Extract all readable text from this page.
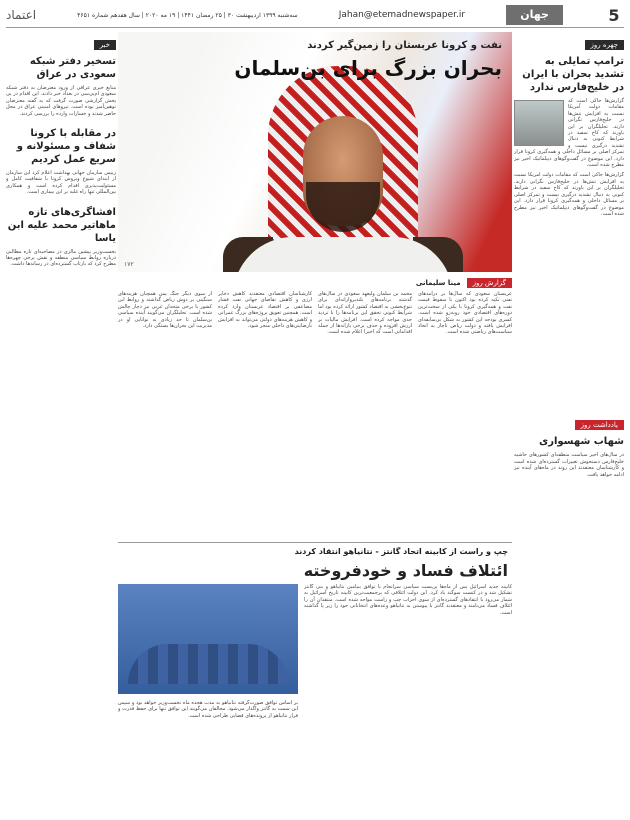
5
جهان
Jahan@etemadnewspaper.ir
سه‌شنبه ۱۳۹۹ اردیبهشت ۳۰ | ۲۵ رمضان ۱۴۴۱ | ۱۹ مه ۲۰۲۰ | سال هفدهم شماره ۴۶۵۱
اعتماد
چهره روز
ترامپ تمایلی به تشدید بحران با ایران در خلیج‌فارس ندارد
گزارش‌ها حاکی است که مقامات دولت آمریکا نسبت به افزایش تنش‌ها در خلیج‌فارس نگرانی دارند. تحلیلگران بر این باورند که کاخ سفید در شرایط کنونی به دنبال تشدید درگیری نیست و تمرکز اصلی بر مسائل داخلی و همه‌گیری کرونا قرار دارد. این موضوع در گفت‌وگوهای دیپلماتیک اخیر نیز مطرح شده است.
گزارش‌ها حاکی است که مقامات دولت آمریکا نسبت به افزایش تنش‌ها در خلیج‌فارس نگرانی دارند. تحلیلگران بر این باورند که کاخ سفید در شرایط کنونی به دنبال تشدید درگیری نیست و تمرکز اصلی بر مسائل داخلی و همه‌گیری کرونا قرار دارد. این موضوع در گفت‌وگوهای دیپلماتیک اخیر نیز مطرح شده است.
یادداشت روز
شهاب شهسواری
در سال‌های اخیر سیاست منطقه‌ای کشورهای حاشیه خلیج‌فارس دستخوش تغییرات گسترده‌ای شده است و کارشناسان معتقدند این روند در ماه‌های آینده نیز ادامه خواهد یافت.
خبر
تسخیر دفتر شبکه سعودی در عراق
منابع خبری عراقی از ورود معترضان به دفتر شبکه سعودی ام‌بی‌سی در بغداد خبر دادند. این اقدام در پی پخش گزارشی صورت گرفت که به گفته معترضان توهین‌آمیز بوده است. نیروهای امنیتی عراق در محل حاضر شدند و خسارات وارده را بررسی کردند.
در مقابله با کرونا شفاف و مسئولانه و سریع عمل کردیم
رییس سازمان جهانی بهداشت اعلام کرد این سازمان از ابتدای شیوع ویروس کرونا با شفافیت کامل و مسئولیت‌پذیری اقدام کرده است و همکاری بین‌المللی تنها راه غلبه بر این بیماری است.
افشاگری‌های تازه ماهاتیر محمد علیه ابن یاسا
نخست‌وزیر پیشین مالزی در مصاحبه‌ای تازه مطالبی درباره روابط سیاسی منطقه و نقش برخی چهره‌ها مطرح کرد که بازتاب گسترده‌ای در رسانه‌ها داشت.
نفت و کرونا عربستان را زمین‌گیر کردند
بحران بزرگ برای بن‌سلمان
۱۷۲
گزارش روز
مینا سلیمانی
عربستان سعودی که سال‌ها بر درآمدهای نفتی تکیه کرده بود اکنون با سقوط قیمت نفت و همه‌گیری کرونا با یکی از سخت‌ترین دوره‌های اقتصادی خود روبه‌رو شده است. کسری بودجه این کشور به شکل بی‌سابقه‌ای افزایش یافته و دولت ریاض ناچار به اتخاذ سیاست‌های ریاضتی شده است.
محمد بن سلمان ولیعهد سعودی در سال‌های گذشته برنامه‌های بلندپروازانه‌ای برای تنوع‌بخشی به اقتصاد کشور ارائه کرده بود اما شرایط کنونی تحقق این برنامه‌ها را با تردید جدی مواجه کرده است. افزایش مالیات بر ارزش افزوده و حذف برخی یارانه‌ها از جمله اقداماتی است که اخیرا اعلام شده است.
کارشناسان اقتصادی معتقدند کاهش ذخایر ارزی و کاهش تقاضای جهانی نفت فشار مضاعفی بر اقتصاد عربستان وارد کرده است. همچنین تعویق پروژه‌های بزرگ عمرانی و کاهش هزینه‌های دولتی می‌تواند به افزایش نارضایتی‌های داخلی منجر شود.
از سوی دیگر جنگ یمن همچنان هزینه‌های سنگینی بر دوش ریاض گذاشته و روابط این کشور با برخی متحدان غربی نیز دچار چالش شده است. تحلیلگران می‌گویند آینده سیاسی بن‌سلمان تا حد زیادی به توانایی او در مدیریت این بحران‌ها بستگی دارد.
چپ و راست از کابینه اتحاد گانتز - نتانیاهو انتقاد کردند
ائتلاف فساد و خودفروخته
کابینه جدید اسرائیل پس از ماه‌ها بن‌بست سیاسی سرانجام با توافق بنیامین نتانیاهو و بنی گانتز تشکیل شد و در کنست سوگند یاد کرد. این دولت ائتلافی که پرجمعیت‌ترین کابینه تاریخ اسرائیل به شمار می‌رود با انتقادهای گسترده‌ای از سوی احزاب چپ و راست مواجه شده است. منتقدان آن را ائتلاف فساد می‌نامند و معتقدند گانتز با پیوستن به نتانیاهو وعده‌های انتخاباتی خود را زیر پا گذاشته است.
بر اساس توافق صورت‌گرفته نتانیاهو به مدت هجده ماه نخست‌وزیر خواهد بود و سپس این سمت به گانتز واگذار می‌شود. مخالفان می‌گویند این توافق تنها برای حفظ قدرت و فرار نتانیاهو از پرونده‌های قضایی طراحی شده است.
